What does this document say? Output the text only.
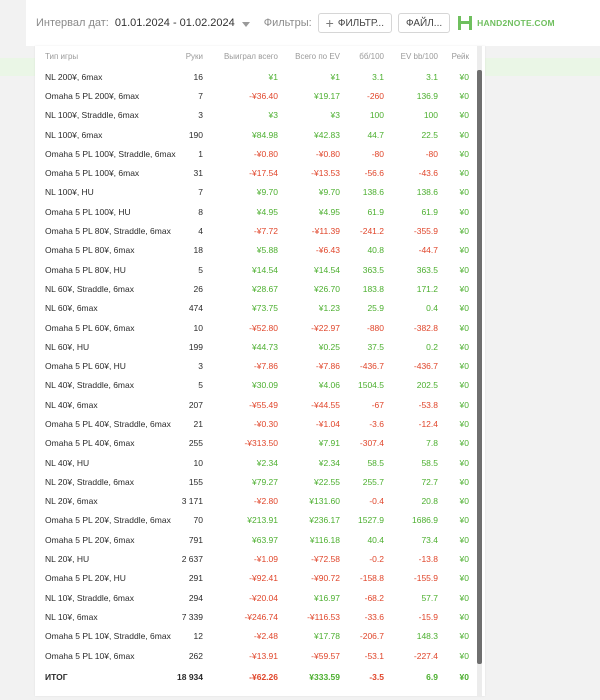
Интервал дат: 01.01.2024 - 01.02.2024	Фильтры: + ФИЛЬТР... ФАЙЛ...	HAND2NOTE.COM
Тип игры	Руки	Выиграл всего	Всего по EV	бб/100	EV bb/100	Рейк
NL 200¥, 6max	16	¥1	¥1	3.1	3.1	¥0
Omaha 5 PL 200¥, 6max	7	-¥36.40	¥19.17	-260	136.9	¥0
NL 100¥, Straddle, 6max	3	¥3	¥3	100	100	¥0
NL 100¥, 6max	190	¥84.98	¥42.83	44.7	22.5	¥0
Omaha 5 PL 100¥, Straddle, 6max	1	-¥0.80	-¥0.80	-80	-80	¥0
Omaha 5 PL 100¥, 6max	31	-¥17.54	-¥13.53	-56.6	-43.6	¥0
NL 100¥, HU	7	¥9.70	¥9.70	138.6	138.6	¥0
Omaha 5 PL 100¥, HU	8	¥4.95	¥4.95	61.9	61.9	¥0
Omaha 5 PL 80¥, Straddle, 6max	4	-¥7.72	-¥11.39	-241.2	-355.9	¥0
Omaha 5 PL 80¥, 6max	18	¥5.88	-¥6.43	40.8	-44.7	¥0
Omaha 5 PL 80¥, HU	5	¥14.54	¥14.54	363.5	363.5	¥0
NL 60¥, Straddle, 6max	26	¥28.67	¥26.70	183.8	171.2	¥0
NL 60¥, 6max	474	¥73.75	¥1.23	25.9	0.4	¥0
Omaha 5 PL 60¥, 6max	10	-¥52.80	-¥22.97	-880	-382.8	¥0
NL 60¥, HU	199	¥44.73	¥0.25	37.5	0.2	¥0
Omaha 5 PL 60¥, HU	3	-¥7.86	-¥7.86	-436.7	-436.7	¥0
NL 40¥, Straddle, 6max	5	¥30.09	¥4.06	1504.5	202.5	¥0
NL 40¥, 6max	207	-¥55.49	-¥44.55	-67	-53.8	¥0
Omaha 5 PL 40¥, Straddle, 6max	21	-¥0.30	-¥1.04	-3.6	-12.4	¥0
Omaha 5 PL 40¥, 6max	255	-¥313.50	¥7.91	-307.4	7.8	¥0
NL 40¥, HU	10	¥2.34	¥2.34	58.5	58.5	¥0
NL 20¥, Straddle, 6max	155	¥79.27	¥22.55	255.7	72.7	¥0
NL 20¥, 6max	3 171	-¥2.80	¥131.60	-0.4	20.8	¥0
Omaha 5 PL 20¥, Straddle, 6max	70	¥213.91	¥236.17	1527.9	1686.9	¥0
Omaha 5 PL 20¥, 6max	791	¥63.97	¥116.18	40.4	73.4	¥0
NL 20¥, HU	2 637	-¥1.09	-¥72.58	-0.2	-13.8	¥0
Omaha 5 PL 20¥, HU	291	-¥92.41	-¥90.72	-158.8	-155.9	¥0
NL 10¥, Straddle, 6max	294	-¥20.04	¥16.97	-68.2	57.7	¥0
NL 10¥, 6max	7 339	-¥246.74	-¥116.53	-33.6	-15.9	¥0
Omaha 5 PL 10¥, Straddle, 6max	12	-¥2.48	¥17.78	-206.7	148.3	¥0
Omaha 5 PL 10¥, 6max	262	-¥13.91	-¥59.57	-53.1	-227.4	¥0
ИТОГ	18 934	-¥62.26	¥333.59	-3.5	6.9	¥0
